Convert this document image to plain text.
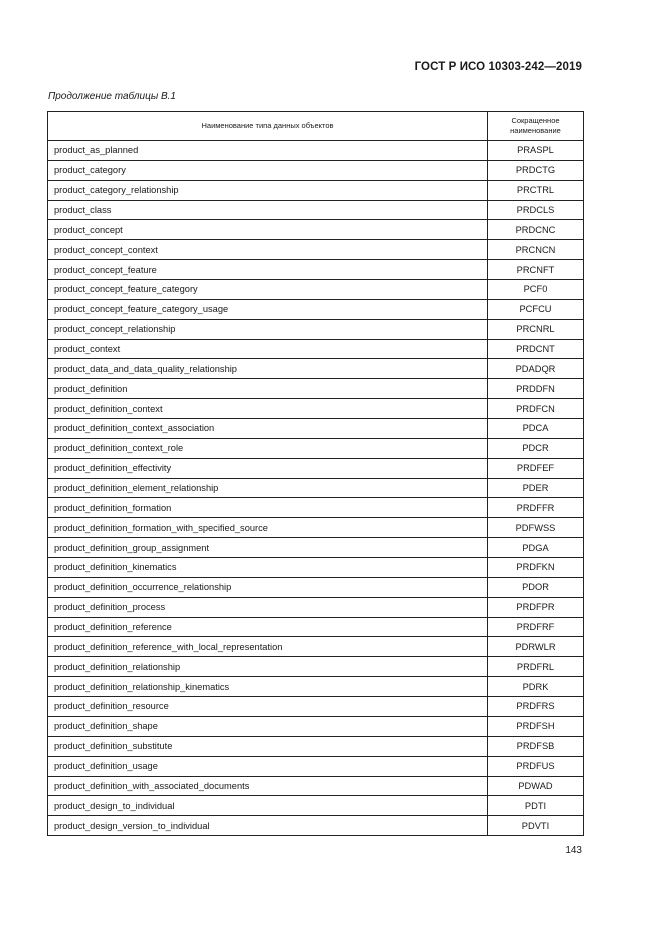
ГОСТ Р ИСО 10303-242—2019
Продолжение таблицы В.1
Наименование типа данных объектов	Сокращенное наименование
product_as_planned	PRASPL
product_category	PRDCTG
product_category_relationship	PRCTRL
product_class	PRDCLS
product_concept	PRDCNC
product_concept_context	PRCNCN
product_concept_feature	PRCNFT
product_concept_feature_category	PCF0
product_concept_feature_category_usage	PCFCU
product_concept_relationship	PRCNRL
product_context	PRDCNT
product_data_and_data_quality_relationship	PDADQR
product_definition	PRDDFN
product_definition_context	PRDFCN
product_definition_context_association	PDCA
product_definition_context_role	PDCR
product_definition_effectivity	PRDFEF
product_definition_element_relationship	PDER
product_definition_formation	PRDFFR
product_definition_formation_with_specified_source	PDFWSS
product_definition_group_assignment	PDGA
product_definition_kinematics	PRDFKN
product_definition_occurrence_relationship	PDOR
product_definition_process	PRDFPR
product_definition_reference	PRDFRF
product_definition_reference_with_local_representation	PDRWLR
product_definition_relationship	PRDFRL
product_definition_relationship_kinematics	PDRK
product_definition_resource	PRDFRS
product_definition_shape	PRDFSH
product_definition_substitute	PRDFSB
product_definition_usage	PRDFUS
product_definition_with_associated_documents	PDWAD
product_design_to_individual	PDTI
product_design_version_to_individual	PDVTI
143
